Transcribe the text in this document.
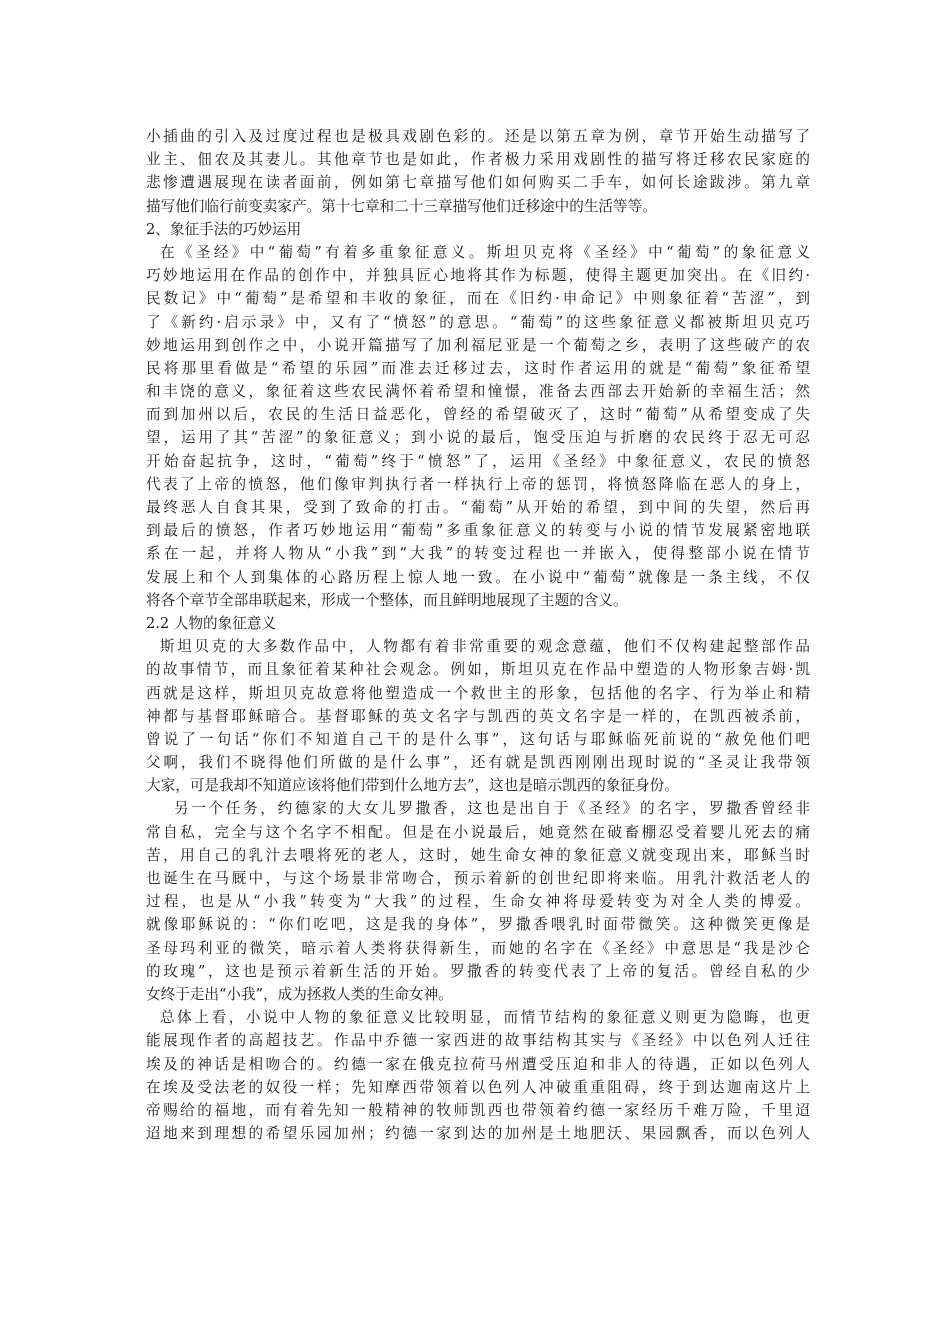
小插曲的引入及过度过程也是极具戏剧色彩的。还是以第五章为例，章节开始生动描写了
业主、佃农及其妻儿。其他章节也是如此，作者极力采用戏剧性的描写将迁移农民家庭的
悲惨遭遇展现在读者面前，例如第七章描写他们如何购买二手车，如何长途跋涉。第九章
描写他们临行前变卖家产。第十七章和二十三章描写他们迁移途中的生活等等。
2、象征手法的巧妙运用
在《圣经》中“葡萄”有着多重象征意义。斯坦贝克将《圣经》中“葡萄”的象征意义
巧妙地运用在作品的创作中，并独具匠心地将其作为标题，使得主题更加突出。在《旧约·
民数记》中“葡萄”是希望和丰收的象征，而在《旧约·申命记》中则象征着“苦涩”，到
了《新约·启示录》中，又有了“愤怒”的意思。“葡萄”的这些象征意义都被斯坦贝克巧
妙地运用到创作之中，小说开篇描写了加利福尼亚是一个葡萄之乡，表明了这些破产的农
民将那里看做是“希望的乐园”而准去迁移过去，这时作者运用的就是“葡萄”象征希望
和丰饶的意义，象征着这些农民满怀着希望和憧憬，准备去西部去开始新的幸福生活；然
而到加州以后，农民的生活日益恶化，曾经的希望破灭了，这时“葡萄”从希望变成了失
望，运用了其“苦涩”的象征意义；到小说的最后，饱受压迫与折磨的农民终于忍无可忍
开始奋起抗争，这时，“葡萄”终于“愤怒”了，运用《圣经》中象征意义，农民的愤怒
代表了上帝的愤怒，他们像审判执行者一样执行上帝的惩罚，将愤怒降临在恶人的身上，
最终恶人自食其果，受到了致命的打击。“葡萄”从开始的希望，到中间的失望，然后再
到最后的愤怒，作者巧妙地运用“葡萄”多重象征意义的转变与小说的情节发展紧密地联
系在一起，并将人物从“小我”到“大我”的转变过程也一并嵌入，使得整部小说在情节
发展上和个人到集体的心路历程上惊人地一致。在小说中“葡萄”就像是一条主线，不仅
将各个章节全部串联起来，形成一个整体，而且鲜明地展现了主题的含义。
2.2 人物的象征意义
斯坦贝克的大多数作品中，人物都有着非常重要的观念意蕴，他们不仅构建起整部作品
的故事情节，而且象征着某种社会观念。例如，斯坦贝克在作品中塑造的人物形象吉姆·凯
西就是这样，斯坦贝克故意将他塑造成一个救世主的形象，包括他的名字、行为举止和精
神都与基督耶稣暗合。基督耶稣的英文名字与凯西的英文名字是一样的，在凯西被杀前，
曾说了一句话“你们不知道自己干的是什么事”，这句话与耶稣临死前说的“赦免他们吧
父啊，我们不晓得他们所做的是什么事”，还有就是凯西刚刚出现时说的“圣灵让我带领
大家，可是我却不知道应该将他们带到什么地方去”，这也是暗示凯西的象征身份。
另一个任务，约德家的大女儿罗撒香，这也是出自于《圣经》的名字，罗撒香曾经非
常自私，完全与这个名字不相配。但是在小说最后，她竟然在破畜棚忍受着婴儿死去的痛
苦，用自己的乳汁去喂将死的老人，这时，她生命女神的象征意义就变现出来，耶稣当时
也诞生在马厩中，与这个场景非常吻合，预示着新的创世纪即将来临。用乳汁救活老人的
过程，也是从“小我”转变为“大我”的过程，生命女神将母爱转变为对全人类的博爱。
就像耶稣说的：“你们吃吧，这是我的身体”，罗撒香喂乳时面带微笑。这种微笑更像是
圣母玛利亚的微笑，暗示着人类将获得新生，而她的名字在《圣经》中意思是“我是沙仑
的玫瑰”，这也是预示着新生活的开始。罗撒香的转变代表了上帝的复活。曾经自私的少
女终于走出“小我”，成为拯救人类的生命女神。
总体上看，小说中人物的象征意义比较明显，而情节结构的象征意义则更为隐晦，也更
能展现作者的高超技艺。作品中乔德一家西进的故事结构其实与《圣经》中以色列人迁往
埃及的神话是相吻合的。约德一家在俄克拉荷马州遭受压迫和非人的待遇，正如以色列人
在埃及受法老的奴役一样；先知摩西带领着以色列人冲破重重阻碍，终于到达迦南这片上
帝赐给的福地，而有着先知一般精神的牧师凯西也带领着约德一家经历千难万险，千里迢
迢地来到理想的希望乐园加州；约德一家到达的加州是土地肥沃、果园飘香，而以色列人
